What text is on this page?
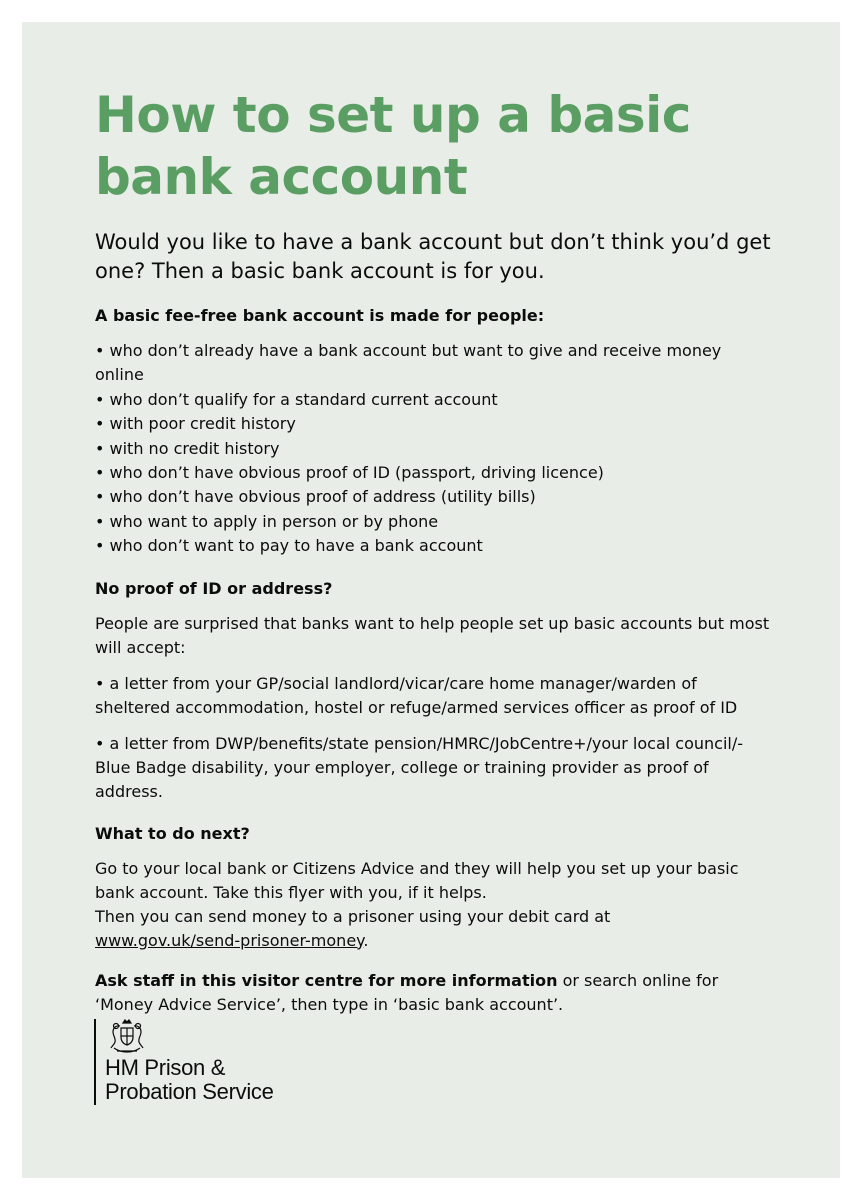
How to set up a basic bank account

Would you like to have a bank account but don’t think you’d get one? Then a basic bank account is for you.

A basic fee-free bank account is made for people:

• who don’t already have a bank account but want to give and receive money online
• who don’t qualify for a standard current account
• with poor credit history
• with no credit history
• who don’t have obvious proof of ID (passport, driving licence)
• who don’t have obvious proof of address (utility bills)
• who want to apply in person or by phone
• who don’t want to pay to have a bank account

No proof of ID or address?

People are surprised that banks want to help people set up basic accounts but most will accept:

• a letter from your GP/social landlord/vicar/care home manager/warden of sheltered accommodation, hostel or refuge/armed services officer as proof of ID

• a letter from DWP/benefits/state pension/HMRC/JobCentre+/your local council/-Blue Badge disability, your employer, college or training provider as proof of address.

What to do next?

Go to your local bank or Citizens Advice and they will help you set up your basic bank account. Take this flyer with you, if it helps.
Then you can send money to a prisoner using your debit card at
www.gov.uk/send-prisoner-money.

Ask staff in this visitor centre for more information or search online for ‘Money Advice Service’, then type in ‘basic bank account’.

HM Prison &
Probation Service
